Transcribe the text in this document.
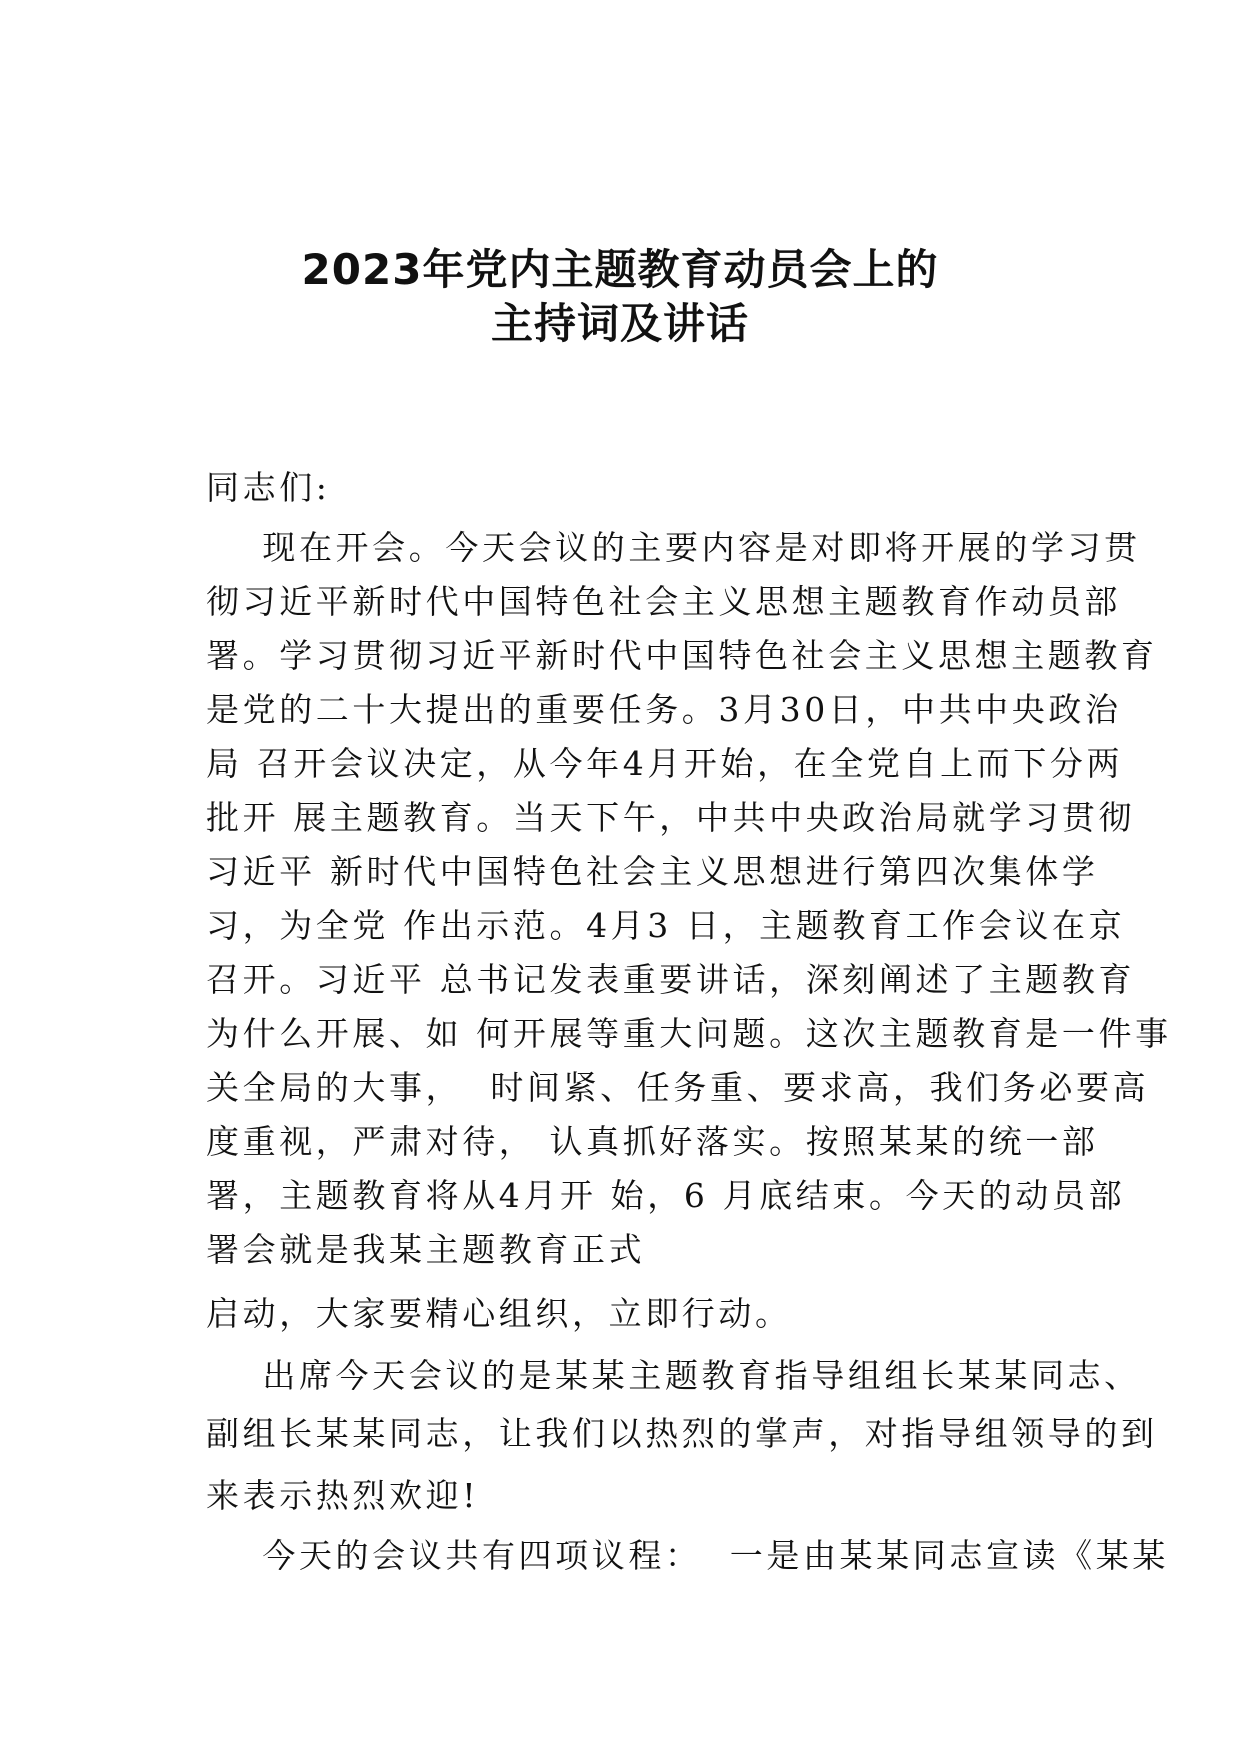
2023年党内主题教育动员会上的
主持词及讲话
同志们:
现在开会。今天会议的主要内容是对即将开展的学习贯
彻习近平新时代中国特色社会主义思想主题教育作动员部
署。学习贯彻习近平新时代中国特色社会主义思想主题教育
是党的二十大提出的重要任务。3月30日，中共中央政治
局 召开会议决定，从今年4月开始，在全党自上而下分两
批开 展主题教育。当天下午，中共中央政治局就学习贯彻
习近平 新时代中国特色社会主义思想进行第四次集体学
习，为全党 作出示范。4月3 日，主题教育工作会议在京
召开。习近平 总书记发表重要讲话，深刻阐述了主题教育
为什么开展、如 何开展等重大问题。这次主题教育是一件事
关全局的大事，  时间紧、任务重、要求高，我们务必要高
度重视，严肃对待， 认真抓好落实。按照某某的统一部
署，主题教育将从4月开 始，6 月底结束。今天的动员部
署会就是我某主题教育正式
启动，大家要精心组织，立即行动。
出席今天会议的是某某主题教育指导组组长某某同志、
副组长某某同志，让我们以热烈的掌声，对指导组领导的到
来表示热烈欢迎!
今天的会议共有四项议程：  一是由某某同志宣读《某某
